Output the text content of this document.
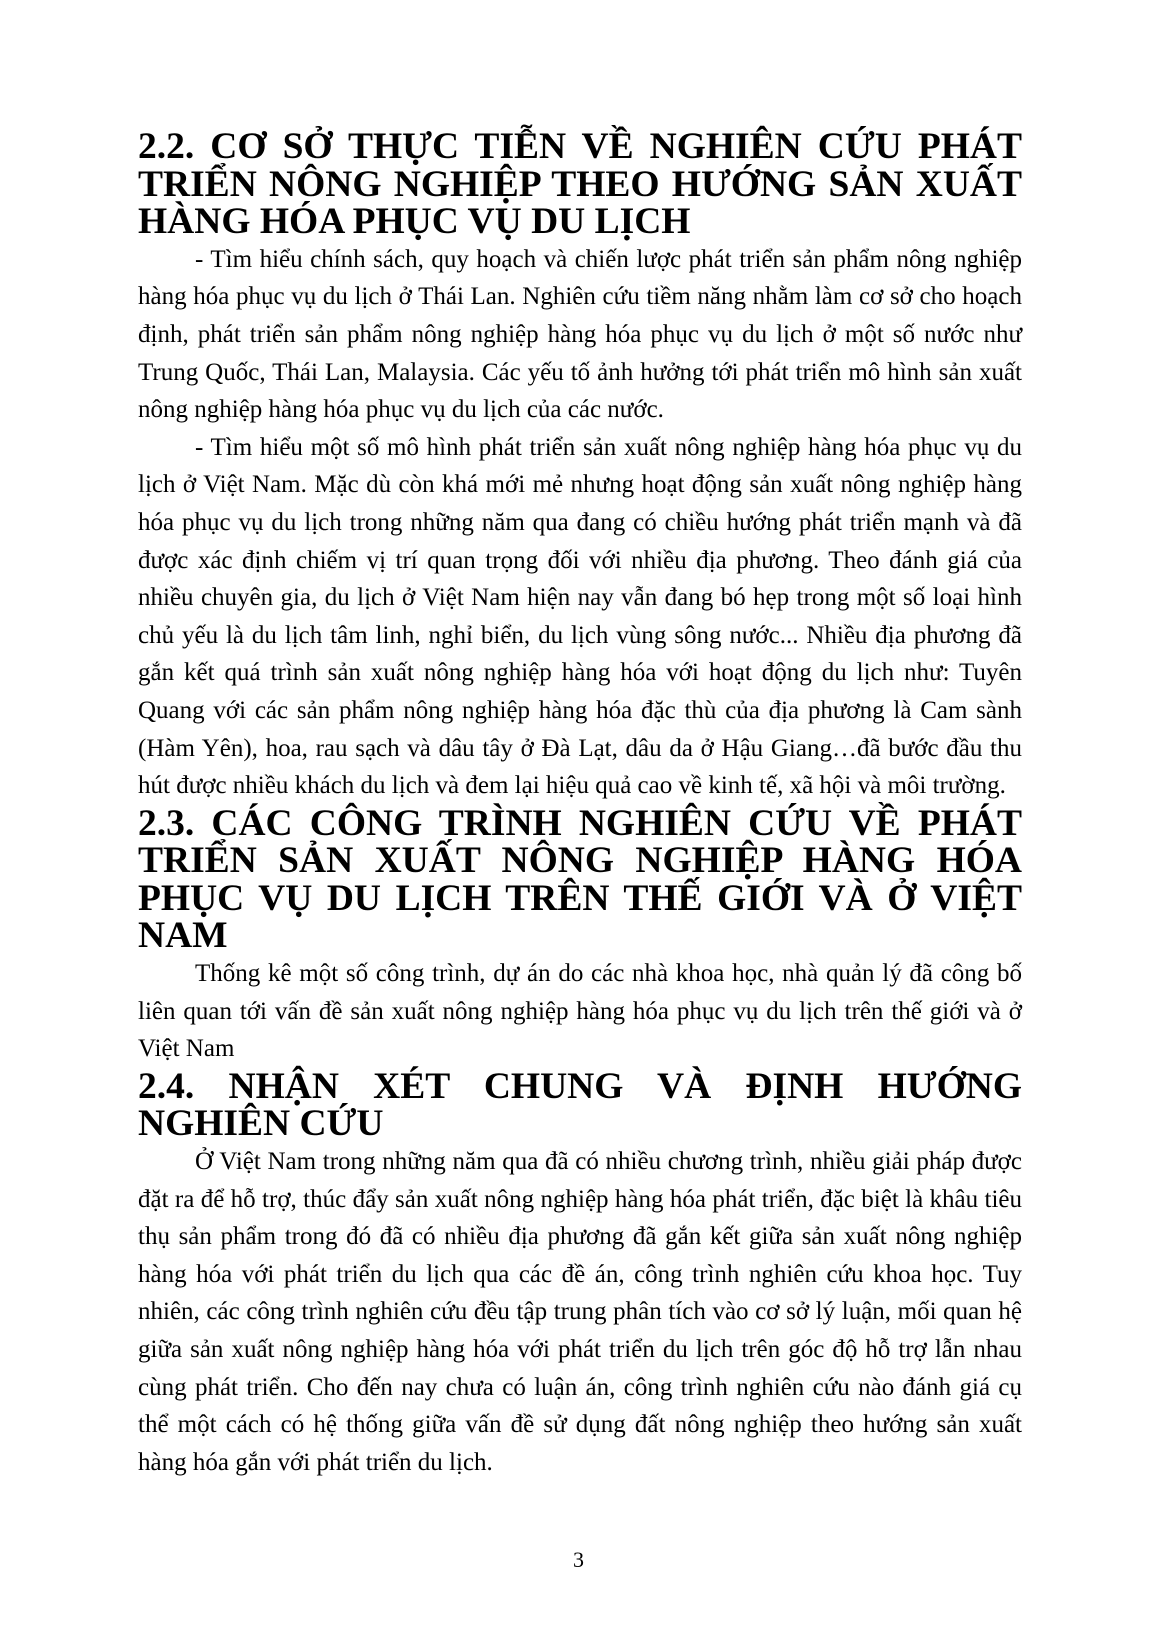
2.2. CƠ SỞ THỰC TIỄN VỀ NGHIÊN CỨU PHÁT TRIỂN NÔNG NGHIỆP THEO HƯỚNG SẢN XUẤT HÀNG HÓA PHỤC VỤ DU LỊCH

- Tìm hiểu chính sách, quy hoạch và chiến lược phát triển sản phẩm nông nghiệp hàng hóa phục vụ du lịch ở Thái Lan. Nghiên cứu tiềm năng nhằm làm cơ sở cho hoạch định, phát triển sản phẩm nông nghiệp hàng hóa phục vụ du lịch ở một số nước như Trung Quốc, Thái Lan, Malaysia. Các yếu tố ảnh hưởng tới phát triển mô hình sản xuất nông nghiệp hàng hóa phục vụ du lịch của các nước.

- Tìm hiểu một số mô hình phát triển sản xuất nông nghiệp hàng hóa phục vụ du lịch ở Việt Nam. Mặc dù còn khá mới mẻ nhưng hoạt động sản xuất nông nghiệp hàng hóa phục vụ du lịch trong những năm qua đang có chiều hướng phát triển mạnh và đã được xác định chiếm vị trí quan trọng đối với nhiều địa phương. Theo đánh giá của nhiều chuyên gia, du lịch ở Việt Nam hiện nay vẫn đang bó hẹp trong một số loại hình chủ yếu là du lịch tâm linh, nghỉ biển, du lịch vùng sông nước... Nhiều địa phương đã gắn kết quá trình sản xuất nông nghiệp hàng hóa với hoạt động du lịch như: Tuyên Quang với các sản phẩm nông nghiệp hàng hóa đặc thù của địa phương là Cam sành (Hàm Yên), hoa, rau sạch và dâu tây ở Đà Lạt, dâu da ở Hậu Giang…đã bước đầu thu hút được nhiều khách du lịch và đem lại hiệu quả cao về kinh tế, xã hội và môi trường.

2.3. CÁC CÔNG TRÌNH NGHIÊN CỨU VỀ PHÁT TRIỂN SẢN XUẤT NÔNG NGHIỆP HÀNG HÓA PHỤC VỤ DU LỊCH TRÊN THẾ GIỚI VÀ Ở VIỆT NAM

Thống kê một số công trình, dự án do các nhà khoa học, nhà quản lý đã công bố liên quan tới vấn đề sản xuất nông nghiệp hàng hóa phục vụ du lịch trên thế giới và ở Việt Nam

2.4. NHẬN XÉT CHUNG VÀ ĐỊNH HƯỚNG NGHIÊN CỨU

Ở Việt Nam trong những năm qua đã có nhiều chương trình, nhiều giải pháp được đặt ra để hỗ trợ, thúc đẩy sản xuất nông nghiệp hàng hóa phát triển, đặc biệt là khâu tiêu thụ sản phẩm trong đó đã có nhiều địa phương đã gắn kết giữa sản xuất nông nghiệp hàng hóa với phát triển du lịch qua các đề án, công trình nghiên cứu khoa học. Tuy nhiên, các công trình nghiên cứu đều tập trung phân tích vào cơ sở lý luận, mối quan hệ giữa sản xuất nông nghiệp hàng hóa với phát triển du lịch trên góc độ hỗ trợ lẫn nhau cùng phát triển. Cho đến nay chưa có luận án, công trình nghiên cứu nào đánh giá cụ thể một cách có hệ thống giữa vấn đề sử dụng đất nông nghiệp theo hướng sản xuất hàng hóa gắn với phát triển du lịch.

3
